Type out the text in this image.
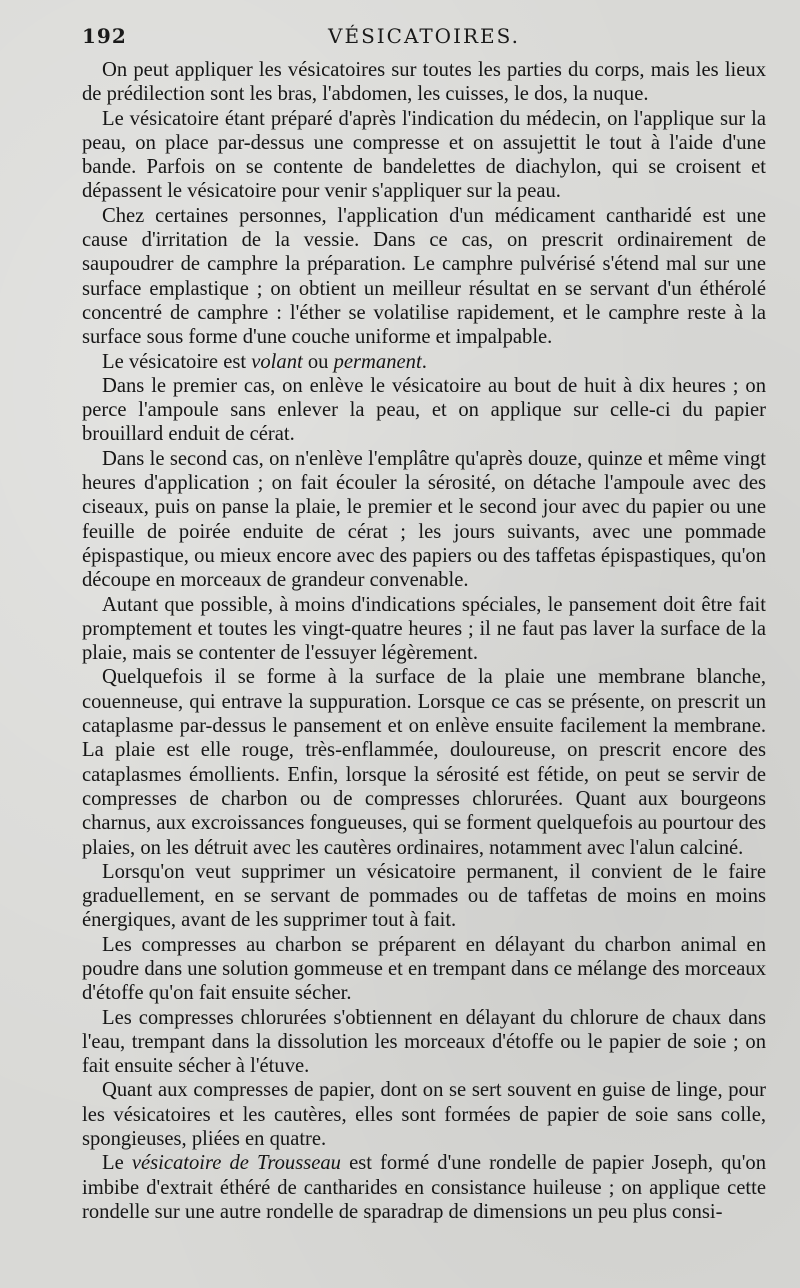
192	VÉSICATOIRES.

On peut appliquer les vésicatoires sur toutes les parties du corps, mais les lieux de prédilection sont les bras, l'abdomen, les cuisses, le dos, la nuque.

Le vésicatoire étant préparé d'après l'indication du médecin, on l'applique sur la peau, on place par-dessus une compresse et on assujettit le tout à l'aide d'une bande. Parfois on se contente de bandelettes de diachylon, qui se croisent et dépassent le vésicatoire pour venir s'appliquer sur la peau.

Chez certaines personnes, l'application d'un médicament cantharidé est une cause d'irritation de la vessie. Dans ce cas, on prescrit ordinairement de saupoudrer de camphre la préparation. Le camphre pulvérisé s'étend mal sur une surface emplastique ; on obtient un meilleur résultat en se servant d'un éthérolé concentré de camphre : l'éther se volatilise rapidement, et le camphre reste à la surface sous forme d'une couche uniforme et impalpable.

Le vésicatoire est volant ou permanent.

Dans le premier cas, on enlève le vésicatoire au bout de huit à dix heures ; on perce l'ampoule sans enlever la peau, et on applique sur celle-ci du papier brouillard enduit de cérat.

Dans le second cas, on n'enlève l'emplâtre qu'après douze, quinze et même vingt heures d'application ; on fait écouler la sérosité, on détache l'ampoule avec des ciseaux, puis on panse la plaie, le premier et le second jour avec du papier ou une feuille de poirée enduite de cérat ; les jours suivants, avec une pommade épispastique, ou mieux encore avec des papiers ou des taffetas épispastiques, qu'on découpe en morceaux de grandeur convenable.

Autant que possible, à moins d'indications spéciales, le pansement doit être fait promptement et toutes les vingt-quatre heures ; il ne faut pas laver la surface de la plaie, mais se contenter de l'essuyer légèrement.

Quelquefois il se forme à la surface de la plaie une membrane blanche, couenneuse, qui entrave la suppuration. Lorsque ce cas se présente, on prescrit un cataplasme par-dessus le pansement et on enlève ensuite facilement la membrane. La plaie est elle rouge, très-enflammée, douloureuse, on prescrit encore des cataplasmes émollients. Enfin, lorsque la sérosité est fétide, on peut se servir de compresses de charbon ou de compresses chlorurées. Quant aux bourgeons charnus, aux excroissances fongueuses, qui se forment quelquefois au pourtour des plaies, on les détruit avec les cautères ordinaires, notamment avec l'alun calciné.

Lorsqu'on veut supprimer un vésicatoire permanent, il convient de le faire graduellement, en se servant de pommades ou de taffetas de moins en moins énergiques, avant de les supprimer tout à fait.

Les compresses au charbon se préparent en délayant du charbon animal en poudre dans une solution gommeuse et en trempant dans ce mélange des morceaux d'étoffe qu'on fait ensuite sécher.

Les compresses chlorurées s'obtiennent en délayant du chlorure de chaux dans l'eau, trempant dans la dissolution les morceaux d'étoffe ou le papier de soie ; on fait ensuite sécher à l'étuve.

Quant aux compresses de papier, dont on se sert souvent en guise de linge, pour les vésicatoires et les cautères, elles sont formées de papier de soie sans colle, spongieuses, pliées en quatre.

Le vésicatoire de Trousseau est formé d'une rondelle de papier Joseph, qu'on imbibe d'extrait éthéré de cantharides en consistance huileuse ; on applique cette rondelle sur une autre rondelle de sparadrap de dimensions un peu plus consi-
